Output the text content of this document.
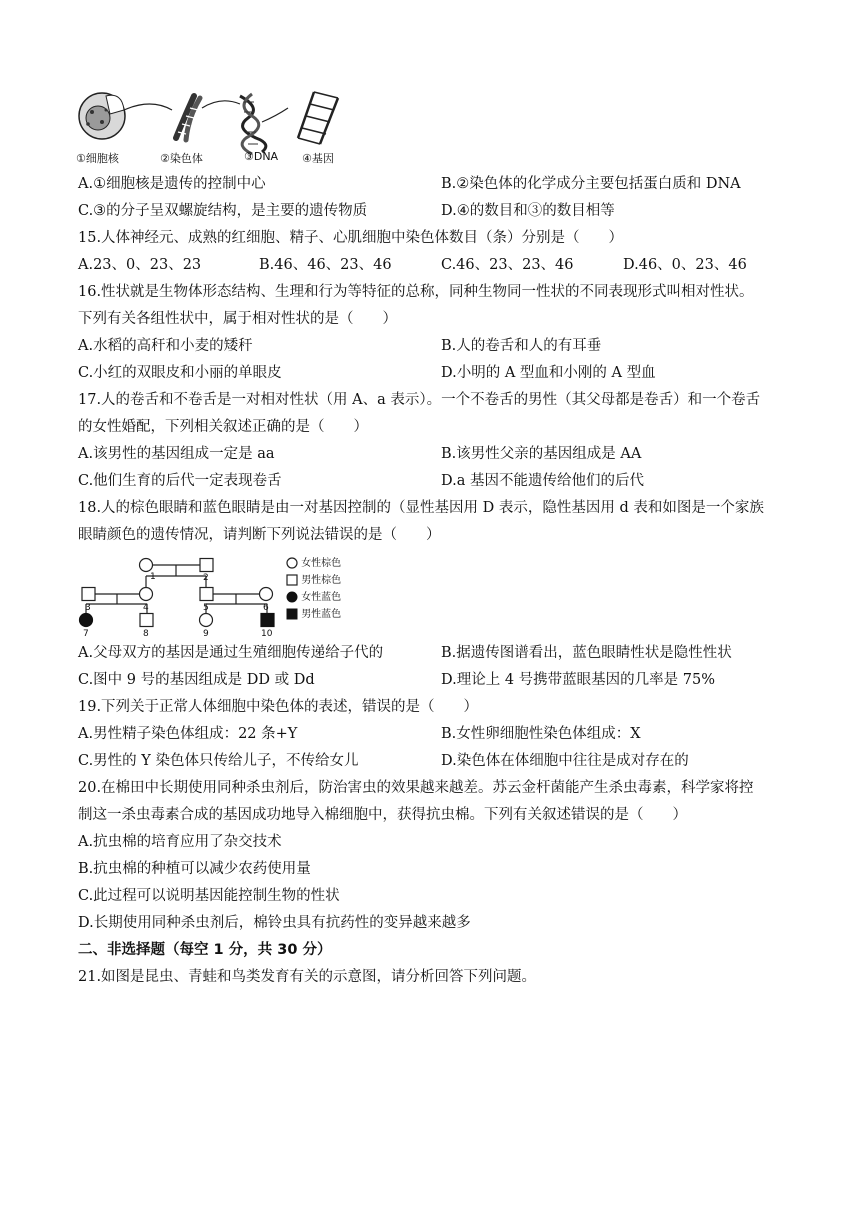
①细胞核	②染色体	③DNA ④基因
A.①细胞核是遗传的控制中心	B.②染色体的化学成分主要包括蛋白质和 DNA
C.③的分子呈双螺旋结构，是主要的遗传物质	D.④的数目和③的数目相等
15.人体神经元、成熟的红细胞、精子、心肌细胞中染色体数目（条）分别是（　　）
A.23、0、23、23	B.46、46、23、46	C.46、23、23、46	D.46、0、23、46
16.性状就是生物体形态结构、生理和行为等特征的总称，同种生物同一性状的不同表现形式叫相对性状。
下列有关各组性状中，属于相对性状的是（　　）
A.水稻的高秆和小麦的矮秆	B.人的卷舌和人的有耳垂
C.小红的双眼皮和小丽的单眼皮	D.小明的 A 型血和小刚的 A 型血
17.人的卷舌和不卷舌是一对相对性状（用 A、a 表示）。一个不卷舌的男性（其父母都是卷舌）和一个卷舌
的女性婚配，下列相关叙述正确的是（　　）
A.该男性的基因组成一定是 aa	B.该男性父亲的基因组成是 AA
C.他们生育的后代一定表现卷舌	D.a 基因不能遗传给他们的后代
18.人的棕色眼睛和蓝色眼睛是由一对基因控制的（显性基因用 D 表示，隐性基因用 d 表和如图是一个家族
眼睛颜色的遗传情况，请判断下列说法错误的是（　　）
1	2
3	4	5	6
7	8	9	10
女性棕色
男性棕色
女性蓝色
男性蓝色
A.父母双方的基因是通过生殖细胞传递给子代的	B.据遗传图谱看出，蓝色眼睛性状是隐性性状
C.图中 9 号的基因组成是 DD 或 Dd	D.理论上 4 号携带蓝眼基因的几率是 75%
19.下列关于正常人体细胞中染色体的表述，错误的是（　　）
A.男性精子染色体组成：22 条+Y	B.女性卵细胞性染色体组成：X
C.男性的 Y 染色体只传给儿子，不传给女儿	D.染色体在体细胞中往往是成对存在的
20.在棉田中长期使用同种杀虫剂后，防治害虫的效果越来越差。苏云金杆菌能产生杀虫毒素，科学家将控
制这一杀虫毒素合成的基因成功地导入棉细胞中，获得抗虫棉。下列有关叙述错误的是（　　）
A.抗虫棉的培育应用了杂交技术
B.抗虫棉的种植可以减少农药使用量
C.此过程可以说明基因能控制生物的性状
D.长期使用同种杀虫剂后，棉铃虫具有抗药性的变异越来越多
二、非选择题（每空 1 分，共 30 分）
21.如图是昆虫、青蛙和鸟类发育有关的示意图，请分析回答下列问题。
